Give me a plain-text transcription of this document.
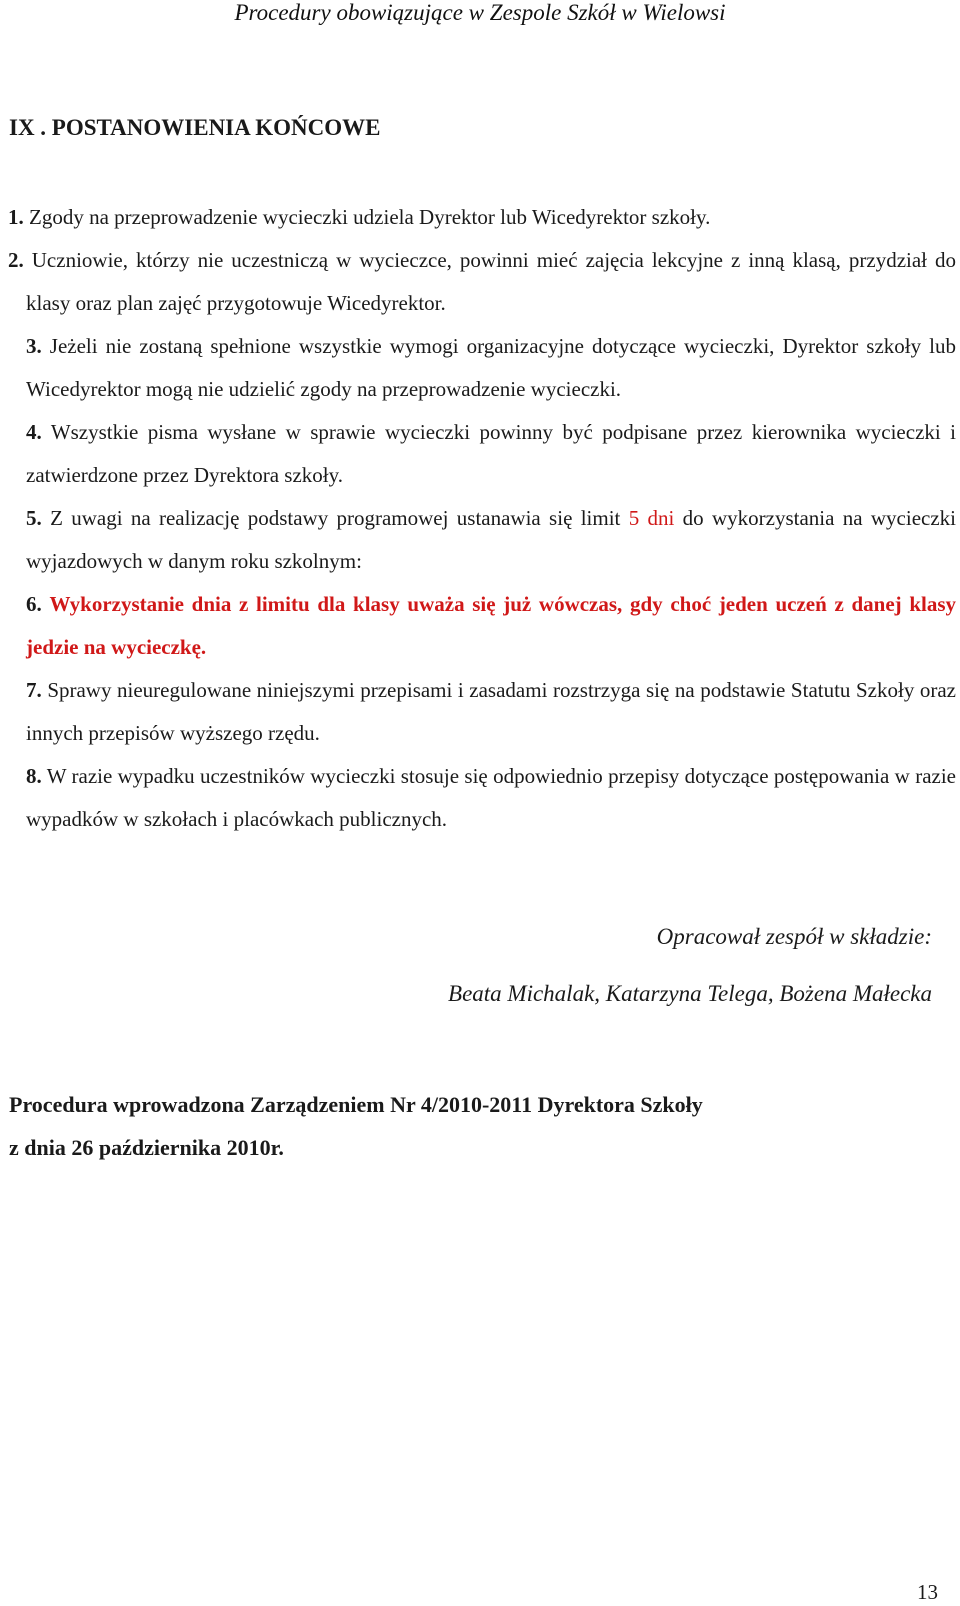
Procedury obowiązujące w Zespole Szkół w Wielowsi
IX . POSTANOWIENIA KOŃCOWE

1. Zgody na przeprowadzenie wycieczki udziela Dyrektor lub Wicedyrektor szkoły.

2. Uczniowie, którzy nie uczestniczą w wycieczce, powinni mieć zajęcia lekcyjne z inną klasą, przydział do klasy oraz plan zajęć przygotowuje Wicedyrektor.

3. Jeżeli nie zostaną spełnione wszystkie wymogi organizacyjne dotyczące wycieczki, Dyrektor szkoły lub Wicedyrektor mogą nie udzielić zgody na przeprowadzenie wycieczki.

4. Wszystkie pisma wysłane w sprawie wycieczki powinny być podpisane przez kierownika wycieczki i zatwierdzone przez Dyrektora szkoły.

5. Z uwagi na realizację podstawy programowej ustanawia się limit 5 dni do wykorzystania na wycieczki wyjazdowych w danym roku szkolnym:

6. Wykorzystanie dnia z limitu dla klasy uważa się już wówczas, gdy choć jeden uczeń z danej klasy jedzie na wycieczkę.

7. Sprawy nieuregulowane niniejszymi przepisami i zasadami rozstrzyga się na podstawie Statutu Szkoły oraz innych przepisów wyższego rzędu.

8. W razie wypadku uczestników wycieczki stosuje się odpowiednio przepisy dotyczące postępowania w razie wypadków w szkołach i placówkach publicznych.

Opracował zespół w składzie:
Beata Michalak, Katarzyna Telega, Bożena Małecka
Procedura wprowadzona Zarządzeniem Nr 4/2010-2011 Dyrektora Szkoły
z dnia 26 października 2010r.
13
